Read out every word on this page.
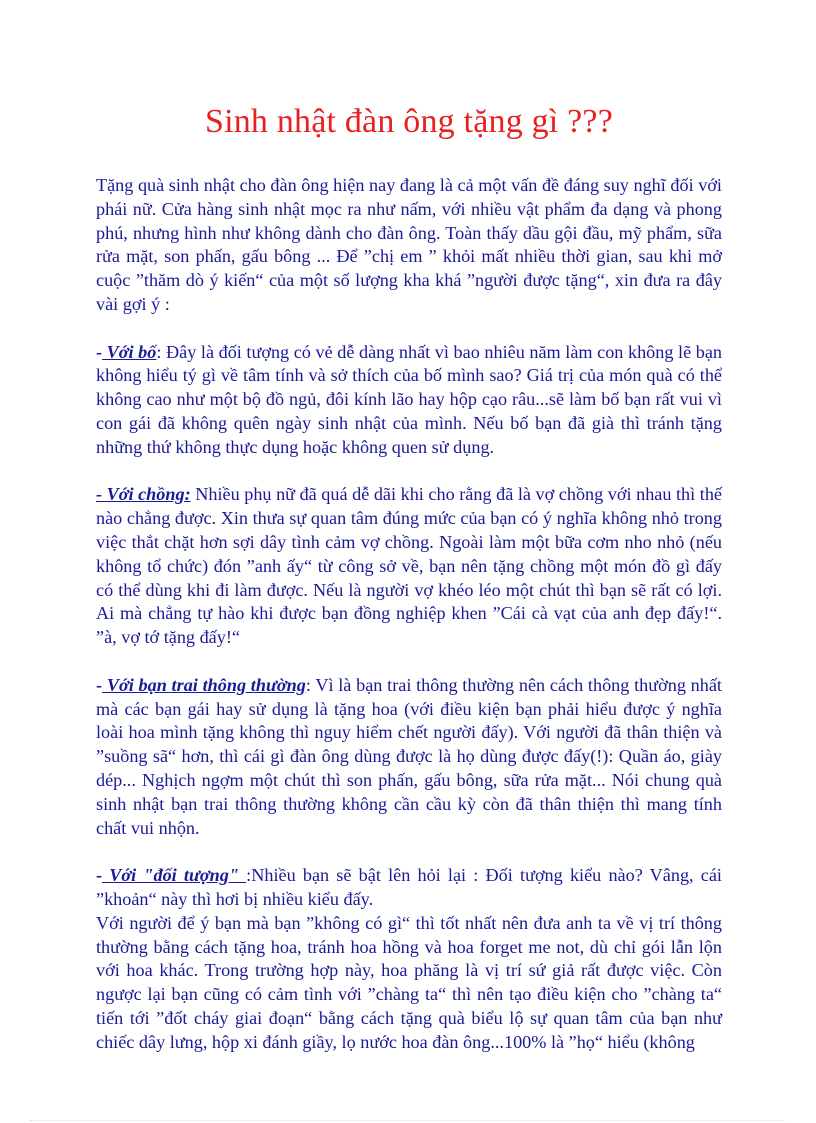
Sinh nhật đàn ông tặng gì ???

Tặng quà sinh nhật cho đàn ông hiện nay đang là cả một vấn đề đáng suy nghĩ đối với phái nữ. Cửa hàng sinh nhật mọc ra như nấm, với nhiều vật phẩm đa dạng và phong phú, nhưng hình như không dành cho đàn ông. Toàn thấy dầu gội đầu, mỹ phẩm, sữa rửa mặt, son phấn, gấu bông ... Để ”chị em ” khỏi mất nhiều thời gian, sau khi mở cuộc ”thăm dò ý kiến“ của một số lượng kha khá ”người được tặng“, xin đưa ra đây vài gợi ý :

- Với bố: Đây là đối tượng có vẻ dễ dàng nhất vì bao nhiêu năm làm con không lẽ bạn không hiểu tý gì về tâm tính và sở thích của bố mình sao? Giá trị của món quà có thể không cao như một bộ đồ ngủ, đôi kính lão hay hộp cạo râu...sẽ làm bố bạn rất vui vì con gái đã không quên ngày sinh nhật của mình. Nếu bố bạn đã già thì tránh tặng những thứ không thực dụng hoặc không quen sử dụng.

- Với chồng: Nhiều phụ nữ đã quá dễ dãi khi cho rằng đã là vợ chồng với nhau thì thế nào chẳng được. Xin thưa sự quan tâm đúng mức của bạn có ý nghĩa không nhỏ trong việc thắt chặt hơn sợi dây tình cảm vợ chồng. Ngoài làm một bữa cơm nho nhỏ (nếu không tổ chức) đón ”anh ấy“ từ công sở về, bạn nên tặng chồng một món đồ gì đấy có thể dùng khi đi làm được. Nếu là người vợ khéo léo một chút thì bạn sẽ rất có lợi. Ai mà chẳng tự hào khi được bạn đồng nghiệp khen ”Cái cà vạt của anh đẹp đấy!“. ”à, vợ tớ tặng đấy!“

- Với bạn trai thông thường: Vì là bạn trai thông thường nên cách thông thường nhất mà các bạn gái hay sử dụng là tặng hoa (với điều kiện bạn phải hiểu được ý nghĩa loài hoa mình tặng không thì nguy hiểm chết người đấy). Với người đã thân thiện và ”suồng sã“ hơn, thì cái gì đàn ông dùng được là họ dùng được đấy(!): Quần áo, giày dép... Nghịch ngợm một chút thì son phấn, gấu bông, sữa rửa mặt... Nói chung quà sinh nhật bạn trai thông thường không cần cầu kỳ còn đã thân thiện thì mang tính chất vui nhộn.

- Với "đối tượng" :Nhiều bạn sẽ bật lên hỏi lại : Đối tượng kiểu nào? Vâng, cái ”khoản“ này thì hơi bị nhiều kiểu đấy.

Với người để ý bạn mà bạn ”không có gì“ thì tốt nhất nên đưa anh ta về vị trí thông thường bằng cách tặng hoa, tránh hoa hồng và hoa forget me not, dù chỉ gói lẫn lộn với hoa khác. Trong trường hợp này, hoa phăng là vị trí sứ giả rất được việc. Còn ngược lại bạn cũng có cảm tình với ”chàng ta“ thì nên tạo điều kiện cho ”chàng ta“ tiến tới ”đốt cháy giai đoạn“ bằng cách tặng quà biểu lộ sự quan tâm của bạn như chiếc dây lưng, hộp xi đánh giầy, lọ nước hoa đàn ông...100% là ”họ“ hiểu (không
